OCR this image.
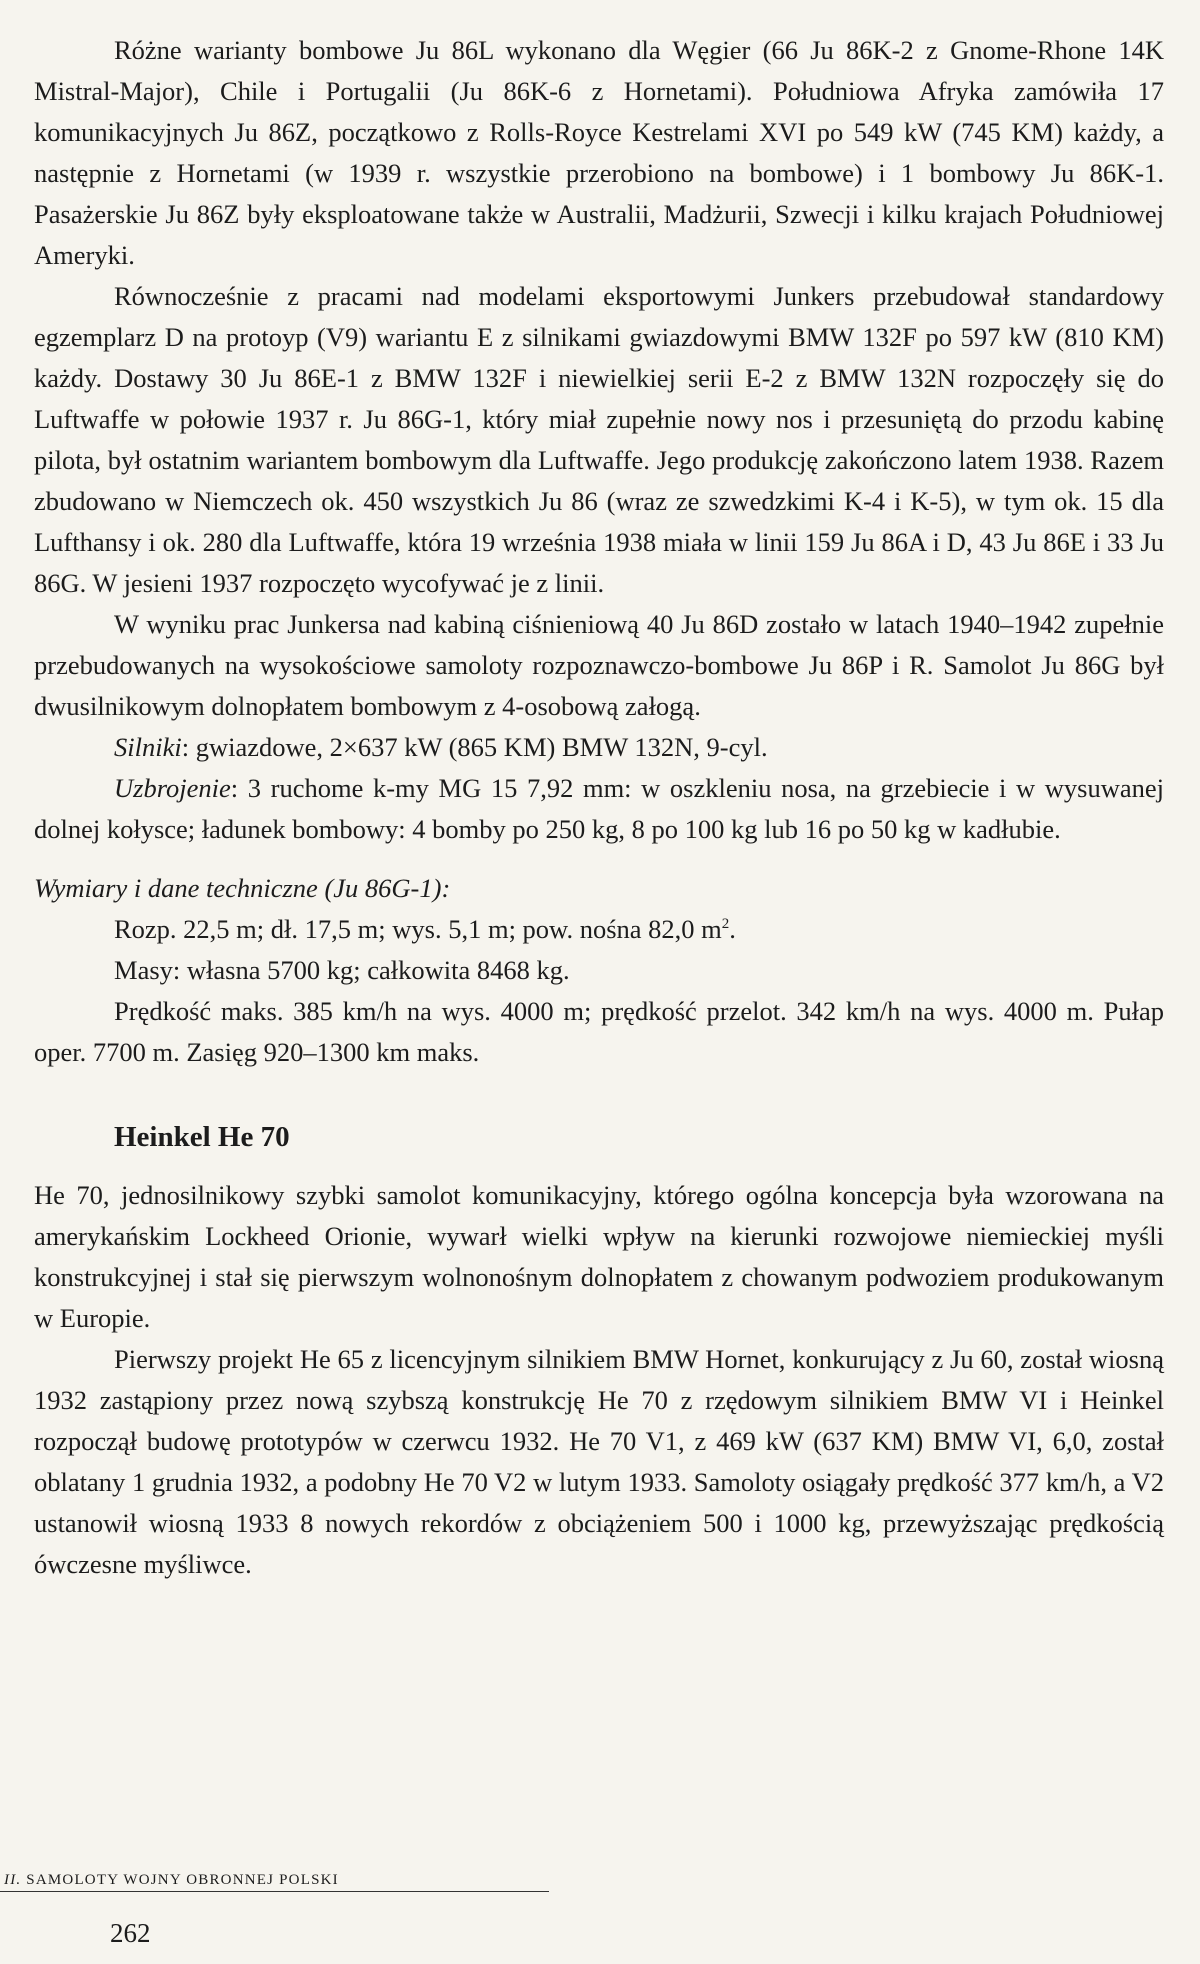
Różne warianty bombowe Ju 86L wykonano dla Węgier (66 Ju 86K-2 z Gnome-Rhone 14K Mistral-Major), Chile i Portugalii (Ju 86K-6 z Hornetami). Południowa Afryka zamówiła 17 komunikacyjnych Ju 86Z, początkowo z Rolls-Royce Kestrelami XVI po 549 kW (745 KM) każdy, a następnie z Hornetami (w 1939 r. wszystkie przerobiono na bombowe) i 1 bombowy Ju 86K-1. Pasażerskie Ju 86Z były eksploatowane także w Australii, Madżurii, Szwecji i kilku krajach Południowej Ameryki.

Równocześnie z pracami nad modelami eksportowymi Junkers przebudował standardowy egzemplarz D na protoyp (V9) wariantu E z silnikami gwiazdowymi BMW 132F po 597 kW (810 KM) każdy. Dostawy 30 Ju 86E-1 z BMW 132F i niewielkiej serii E-2 z BMW 132N rozpoczęły się do Luftwaffe w połowie 1937 r. Ju 86G-1, który miał zupełnie nowy nos i przesuniętą do przodu kabinę pilota, był ostatnim wariantem bombowym dla Luftwaffe. Jego produkcję zakończono latem 1938. Razem zbudowano w Niemczech ok. 450 wszystkich Ju 86 (wraz ze szwedzkimi K-4 i K-5), w tym ok. 15 dla Lufthansy i ok. 280 dla Luftwaffe, która 19 września 1938 miała w linii 159 Ju 86A i D, 43 Ju 86E i 33 Ju 86G. W jesieni 1937 rozpoczęto wycofywać je z linii.

W wyniku prac Junkersa nad kabiną ciśnieniową 40 Ju 86D zostało w latach 1940–1942 zupełnie przebudowanych na wysokościowe samoloty rozpoznawczo-bombowe Ju 86P i R. Samolot Ju 86G był dwusilnikowym dolnopłatem bombowym z 4-osobową załogą.

Silniki: gwiazdowe, 2×637 kW (865 KM) BMW 132N, 9-cyl.

Uzbrojenie: 3 ruchome k-my MG 15 7,92 mm: w oszkleniu nosa, na grzebiecie i w wysuwanej dolnej kołysce; ładunek bombowy: 4 bomby po 250 kg, 8 po 100 kg lub 16 po 50 kg w kadłubie.

Wymiary i dane techniczne (Ju 86G-1):

Rozp. 22,5 m; dł. 17,5 m; wys. 5,1 m; pow. nośna 82,0 $m^2$.

Masy: własna 5700 kg; całkowita 8468 kg.

Prędkość maks. 385 km/h na wys. 4000 m; prędkość przelot. 342 km/h na wys. 4000 m. Pułap oper. 7700 m. Zasięg 920–1300 km maks.

Heinkel He 70

He 70, jednosilnikowy szybki samolot komunikacyjny, którego ogólna koncepcja była wzorowana na amerykańskim Lockheed Orionie, wywarł wielki wpływ na kierunki rozwojowe niemieckiej myśli konstrukcyjnej i stał się pierwszym wolnonośnym dolnopłatem z chowanym podwoziem produkowanym w Europie.

Pierwszy projekt He 65 z licencyjnym silnikiem BMW Hornet, konkurujący z Ju 60, został wiosną 1932 zastąpiony przez nową szybszą konstrukcję He 70 z rzędowym silnikiem BMW VI i Heinkel rozpoczął budowę prototypów w czerwcu 1932. He 70 V1, z 469 kW (637 KM) BMW VI, 6,0, został oblatany 1 grudnia 1932, a podobny He 70 V2 w lutym 1933. Samoloty osiągały prędkość 377 km/h, a V2 ustanowił wiosną 1933 8 nowych rekordów z obciążeniem 500 i 1000 kg, przewyższając prędkością ówczesne myśliwce.

II. SAMOLOTY WOJNY OBRONNEJ POLSKI
262
